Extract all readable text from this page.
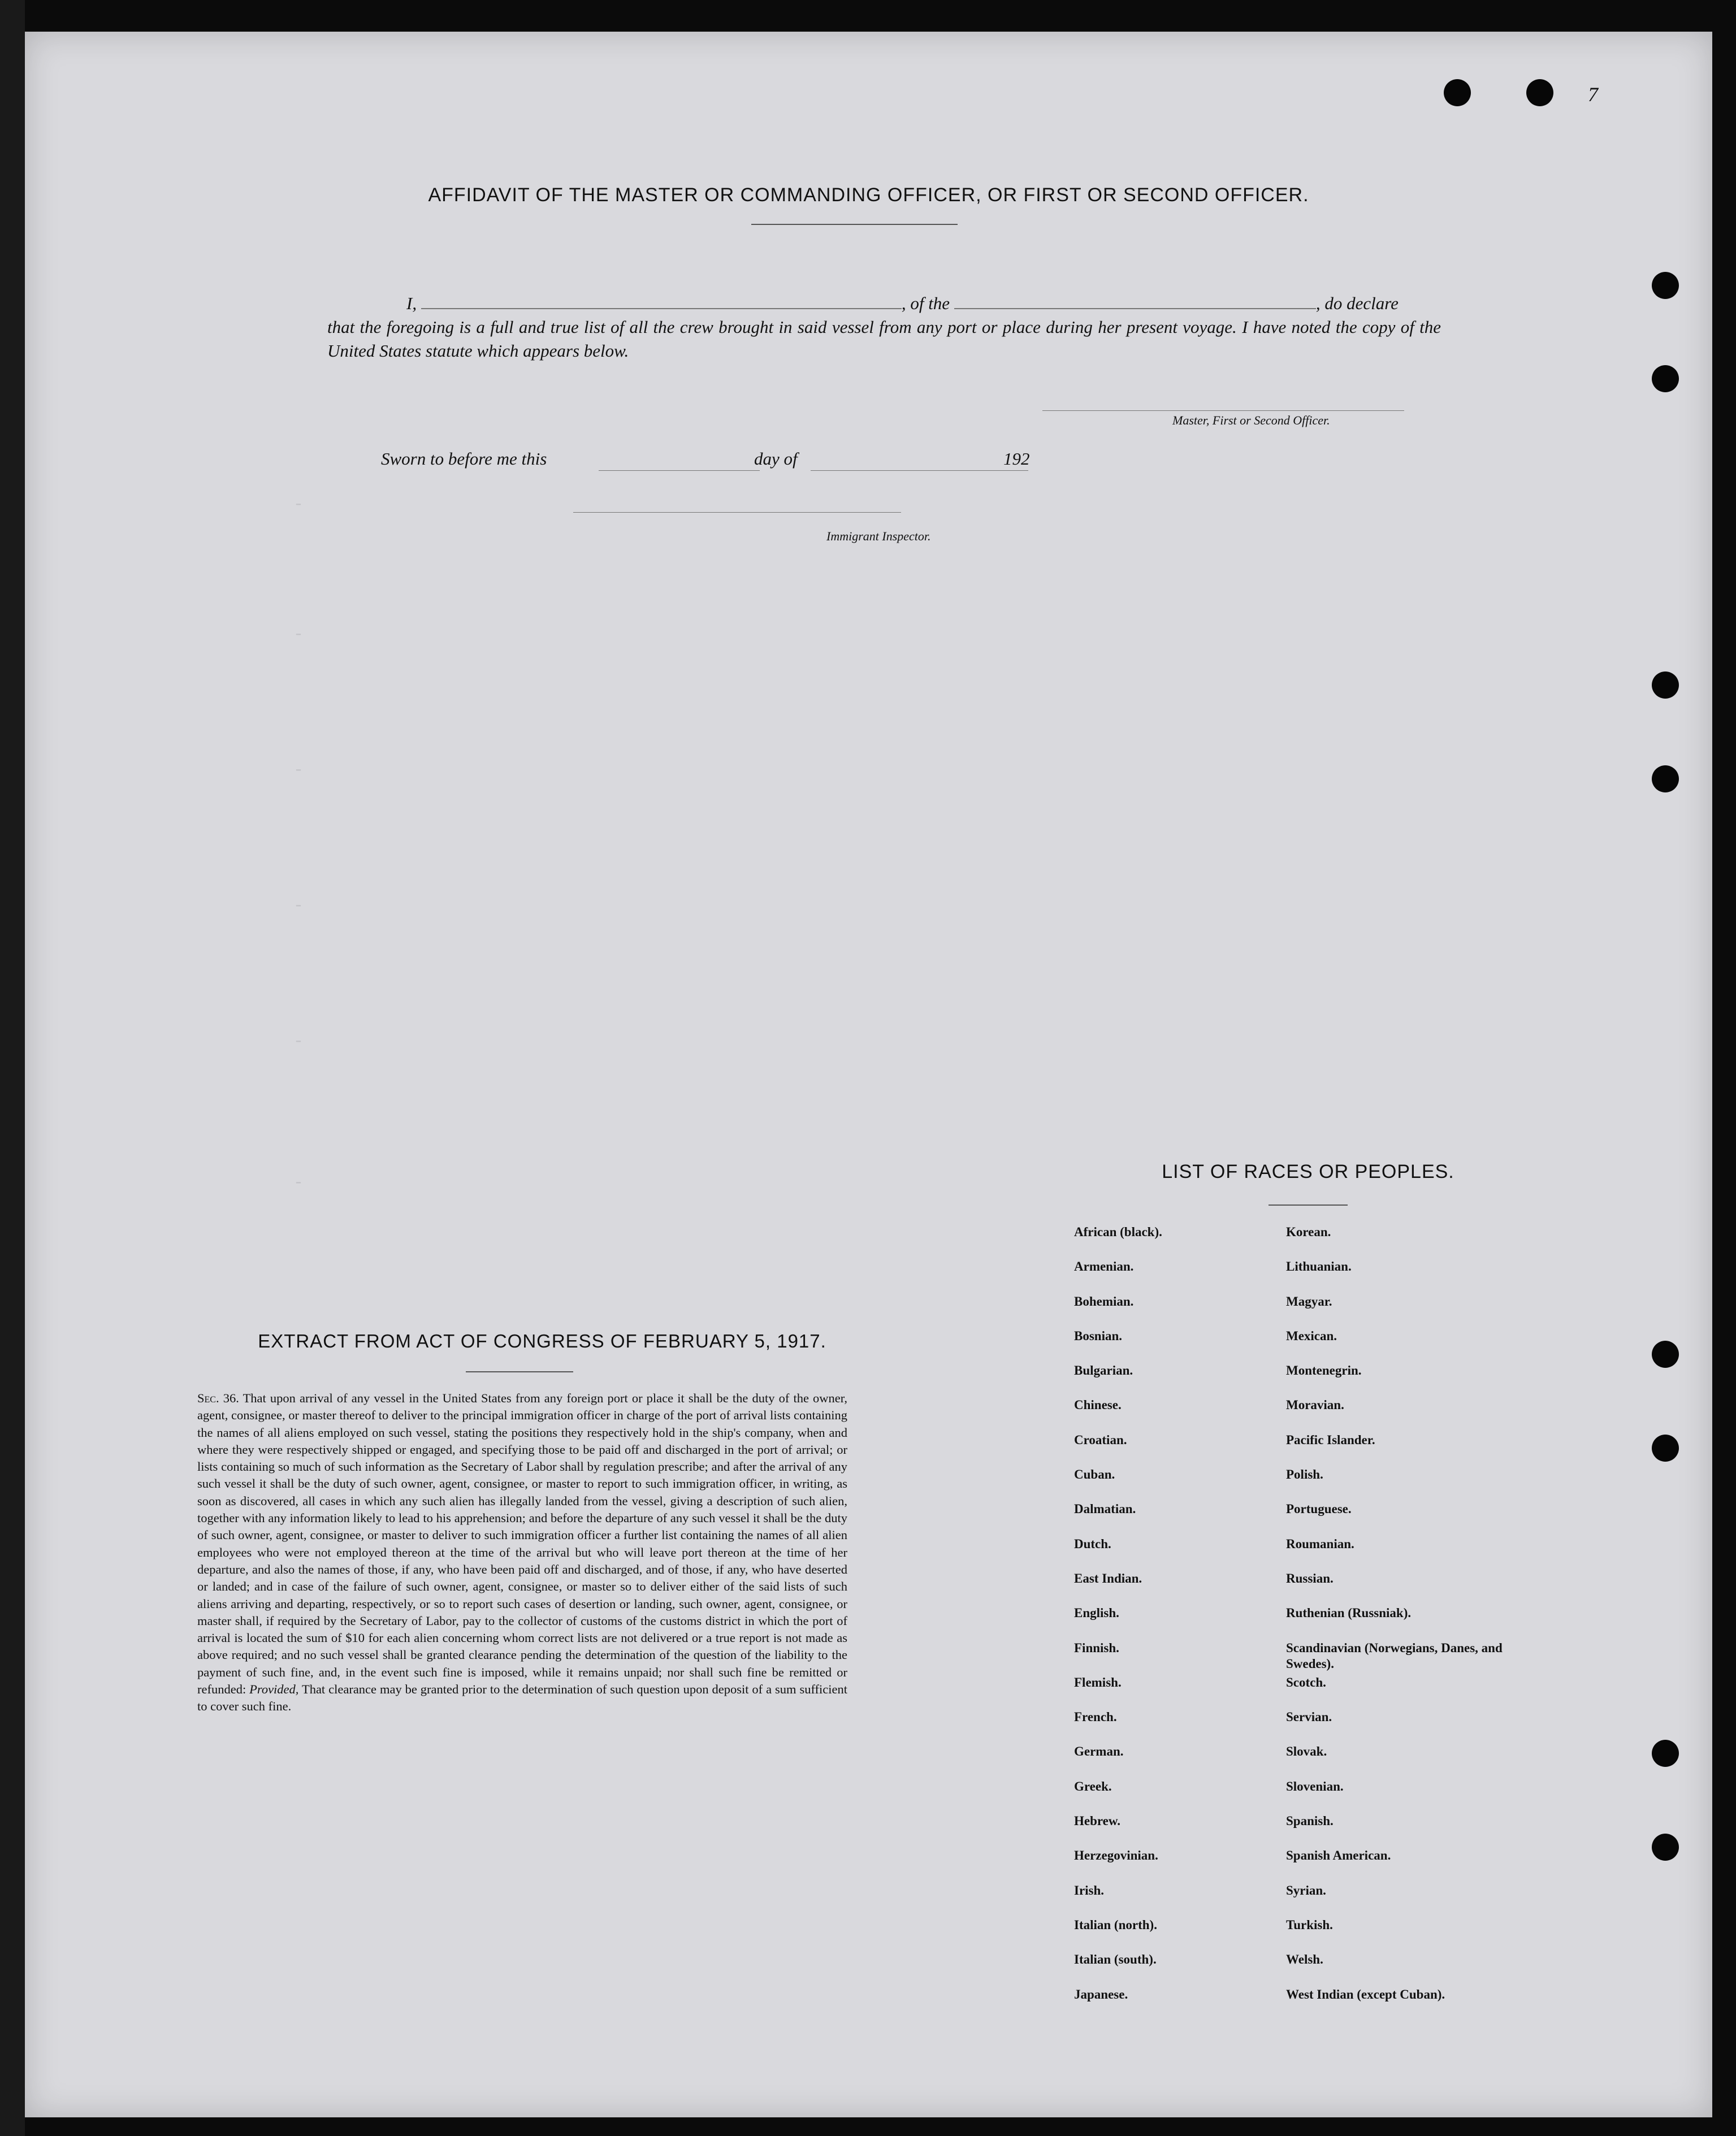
7
-
-
-
-
-
-
AFFIDAVIT OF THE MASTER OR COMMANDING OFFICER, OR FIRST OR SECOND OFFICER.
I,	, of the	, do declare
that the foregoing is a full and true list of all the crew brought in said vessel from any port or place during her present voyage. I have noted the copy of the United States statute which appears below.
Master, First or Second Officer.
Sworn to before me this	day of	192
Immigrant Inspector.
LIST OF RACES OR PEOPLES.
African (black).	Korean.
Armenian.	Lithuanian.
Bohemian.	Magyar.
Bosnian.	Mexican.
Bulgarian.	Montenegrin.
Chinese.	Moravian.
Croatian.	Pacific Islander.
Cuban.	Polish.
Dalmatian.	Portuguese.
Dutch.	Roumanian.
East Indian.	Russian.
English.	Ruthenian (Russniak).
Finnish.	Scandinavian (Norwegians, Danes, and Swedes).
Flemish.	Scotch.
French.	Servian.
German.	Slovak.
Greek.	Slovenian.
Hebrew.	Spanish.
Herzegovinian.	Spanish American.
Irish.	Syrian.
Italian (north).	Turkish.
Italian (south).	Welsh.
Japanese.	West Indian (except Cuban).
EXTRACT FROM ACT OF CONGRESS OF FEBRUARY 5, 1917.

Sec. 36. That upon arrival of any vessel in the United States from any foreign port or place it shall be the duty of the owner, agent, consignee, or master thereof to deliver to the principal immigration officer in charge of the port of arrival lists containing the names of all aliens employed on such vessel, stating the positions they respectively hold in the ship's company, when and where they were respectively shipped or engaged, and specifying those to be paid off and discharged in the port of arrival; or lists containing so much of such information as the Secretary of Labor shall by regulation prescribe; and after the arrival of any such vessel it shall be the duty of such owner, agent, consignee, or master to report to such immigration officer, in writing, as soon as discovered, all cases in which any such alien has illegally landed from the vessel, giving a description of such alien, together with any information likely to lead to his apprehension; and before the departure of any such vessel it shall be the duty of such owner, agent, consignee, or master to deliver to such immigration officer a further list containing the names of all alien employees who were not employed thereon at the time of the arrival but who will leave port thereon at the time of her departure, and also the names of those, if any, who have been paid off and discharged, and of those, if any, who have deserted or landed; and in case of the failure of such owner, agent, consignee, or master so to deliver either of the said lists of such aliens arriving and departing, respectively, or so to report such cases of desertion or landing, such owner, agent, consignee, or master shall, if required by the Secretary of Labor, pay to the collector of customs of the customs district in which the port of arrival is located the sum of $10 for each alien concerning whom correct lists are not delivered or a true report is not made as above required; and no such vessel shall be granted clearance pending the determination of the question of the liability to the payment of such fine, and, in the event such fine is imposed, while it remains unpaid; nor shall such fine be remitted or refunded: Provided, That clearance may be granted prior to the determination of such question upon deposit of a sum sufficient to cover such fine.
